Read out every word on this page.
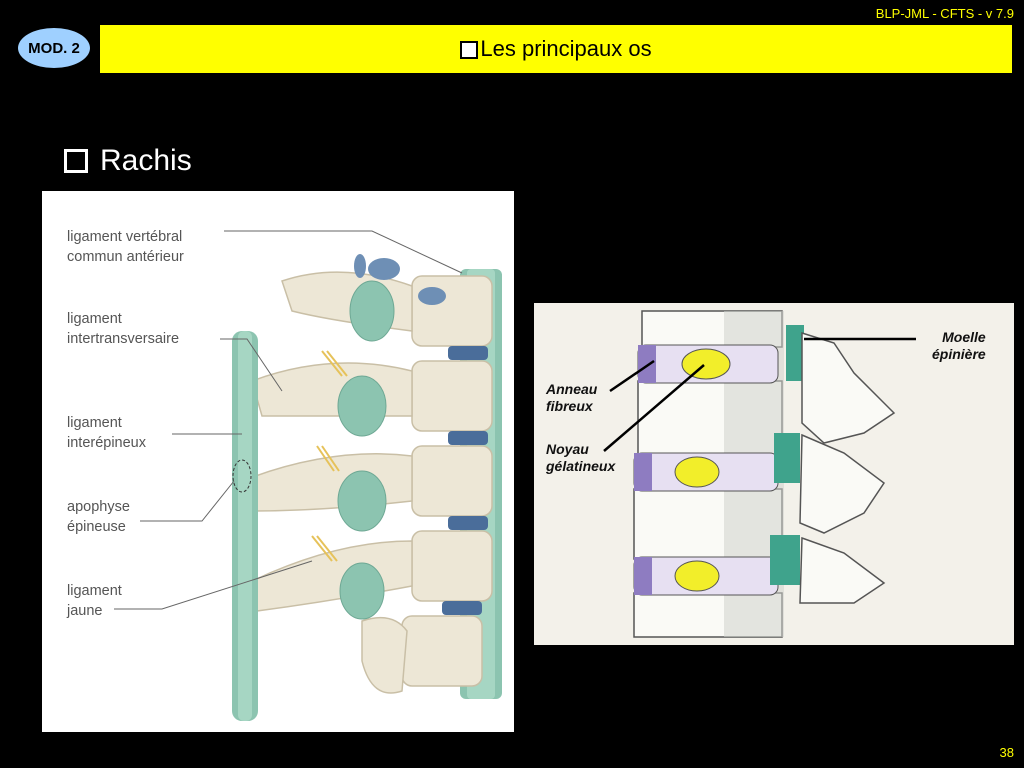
BLP-JML - CFTS - v 7.9
MOD. 2	Les principaux os
Rachis
ligament vertébral
commun antérieur
ligament
intertransversaire
ligament
interépineux
apophyse
épineuse
ligament
jaune
Moelle
épinière
Anneau
fibreux
Noyau
gélatineux
38
